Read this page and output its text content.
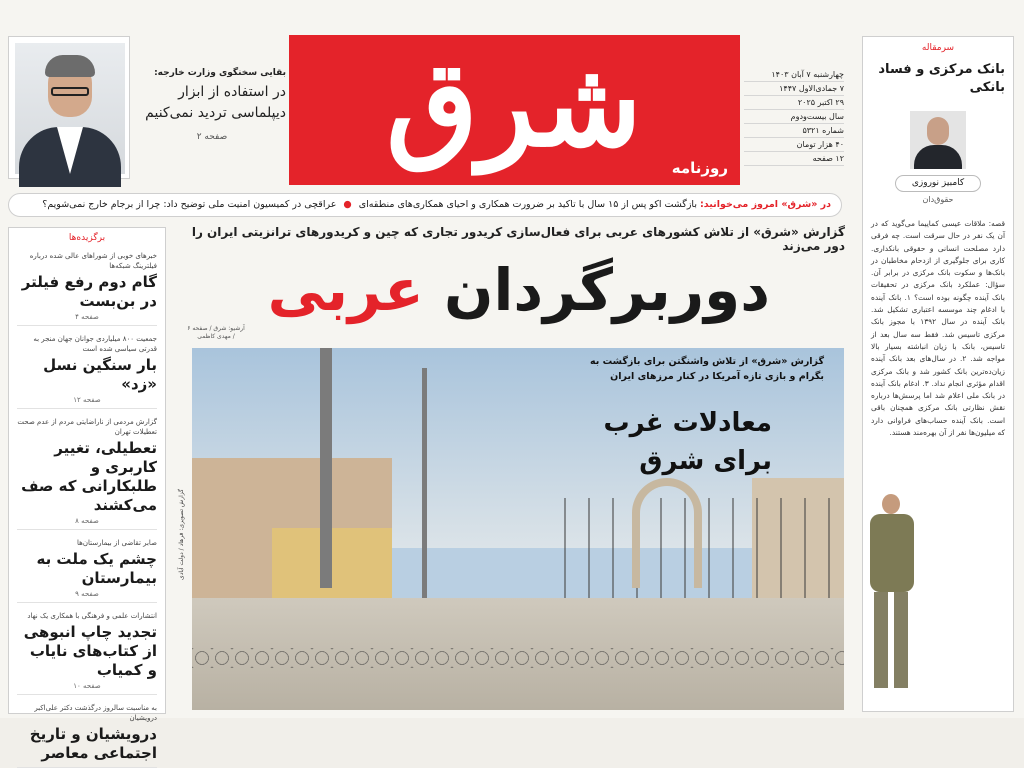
بقایی سخنگوی وزارت خارجه:
در استفاده از ابزار دیپلماسی تردید نمی‌کنیم
صفحه ۲	شرق	روزنامه
چهارشنبه ۷ آبان ۱۴۰۳
۷ جمادی‌الاول ۱۴۴۷
۲۹ اکتبر ۲۰۲۵
سال بیست‌ودوم
شماره ۵۳۲۱
۴۰ هزار تومان
۱۲ صفحه
در «شرق» امروز می‌خوانید: بازگشت اکو پس از ۱۵ سال با تاکید بر ضرورت همکاری و احیای همکاری‌های منطقه‌ای ● عراقچی در کمیسیون امنیت ملی توضیح داد: چرا از برجام خارج نمی‌شویم؟
سرمقاله
بانک مرکزی و فساد بانکی
کامبیز نوروزی
حقوق‌دان
قصه: ملاقات عیسی کماییما می‌گوید که در آن یک نفر در حال سرقت است. چه فرقی دارد مصلحت انسانی و حقوقی بانکداری. کاری برای جلوگیری از ازدحام مخاطبان در بانک‌ها و سکوت بانک مرکزی در برابر آن. سؤال: عملکرد بانک مرکزی در تحقیقات بانک آینده چگونه بوده است؟ ۱. بانک آینده با ادغام چند موسسه اعتباری تشکیل شد. بانک آینده در سال ۱۳۹۲ با مجوز بانک مرکزی تاسیس شد. فقط سه سال بعد از تاسیس، بانک با زیان انباشته بسیار بالا مواجه شد. ۲. در سال‌های بعد بانک آینده زیان‌ده‌ترین بانک کشور شد و بانک مرکزی اقدام مؤثری انجام نداد. ۳. ادغام بانک آینده در بانک ملی اعلام شد اما پرسش‌ها درباره نقش نظارتی بانک مرکزی همچنان باقی است. بانک آینده حساب‌های فراوانی دارد که میلیون‌ها نفر از آن بهره‌مند هستند.
برگزیده‌ها
خبرهای خوبی از شوراهای عالی شده درباره فیلترینگ شبکه‌ها
گام دوم رفع فیلتر در بن‌بست
صفحه ۴
جمعیت ۸۰۰ میلیاردی جوانان جهان منجر به قدرتی سیاسی شده است
بار سنگین نسل «زد»
صفحه ۱۲
گزارش مردمی از ناراضایتی مردم از عدم صحت تعطیلات تهران
تعطیلی، تغییر کاربری و طلبکارانی که صف می‌کشند
صفحه ۸
صابر تقاضی از بیمارستان‌ها
چشم یک ملت به بیمارستان
صفحه ۹
انتشارات علمی و فرهنگی با همکاری یک نهاد
تجدید چاپ انبوهی از کتاب‌های نایاب و کمیاب
صفحه ۱۰
به مناسبت سالروز درگذشت دکتر علی‌اکبر درویشیان
درویشیان و تاریخ اجتماعی معاصر
گزارش «شرق» از تلاش کشورهای عربی برای فعال‌سازی کریدور تجاری که چین و کریدورهای ترانزیتی ایران را دور می‌زند
دوربرگردان عربی
آرشیو: شرق / صفحه ۶ / مهدی کاظمی
گزارش «شرق» از تلاش واشنگتن برای بازگشت به بگرام و بازی تازه آمریکا در کنار مرزهای ایران
معادلات غرب برای شرق
گزارش تصویری: فرهاد / دولت آبادی
